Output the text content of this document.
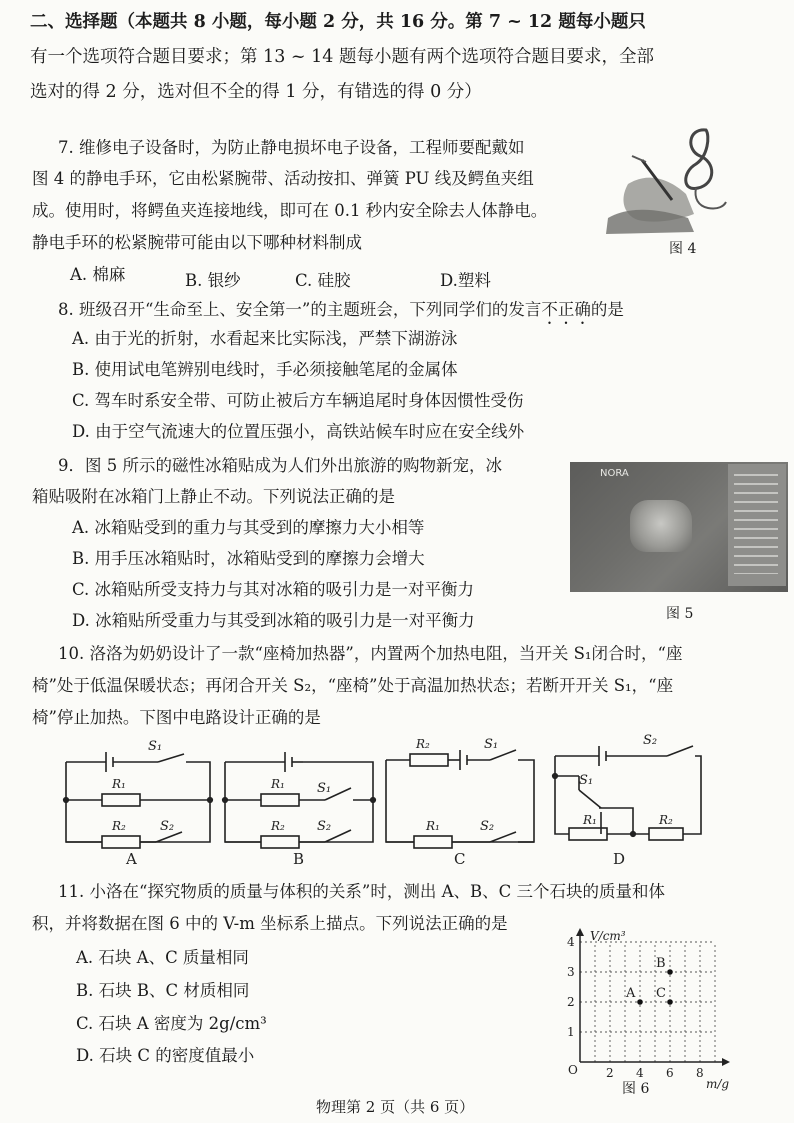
二、选择题（本题共 8 小题，每小题 2 分，共 16 分。第 7 ~ 12 题每小题只
有一个选项符合题目要求；第 13 ~ 14 题每小题有两个选项符合题目要求，全部
选对的得 2 分，选对但不全的得 1 分，有错选的得 0 分）
7. 维修电子设备时，为防止静电损坏电子设备，工程师要配戴如
图 4 的静电手环，它由松紧腕带、活动按扣、弹簧 PU 线及鳄鱼夹组
成。使用时，将鳄鱼夹连接地线，即可在 0.1 秒内安全除去人体静电。
静电手环的松紧腕带可能由以下哪种材料制成
A. 棉麻	B. 银纱	C. 硅胶	D.塑料
图 4
8. 班级召开“生命至上、安全第一”的主题班会，下列同学们的发言不正确的是
A. 由于光的折射，水看起来比实际浅，严禁下湖游泳
B. 使用试电笔辨别电线时，手必须接触笔尾的金属体
C. 驾车时系安全带、可防止被后方车辆追尾时身体因惯性受伤
D. 由于空气流速大的位置压强小，高铁站候车时应在安全线外
9．图 5 所示的磁性冰箱贴成为人们外出旅游的购物新宠，冰
箱贴吸附在冰箱门上静止不动。下列说法正确的是
A. 冰箱贴受到的重力与其受到的摩擦力大小相等
B. 用手压冰箱贴时，冰箱贴受到的摩擦力会增大
C. 冰箱贴所受支持力与其对冰箱的吸引力是一对平衡力
D. 冰箱贴所受重力与其受到冰箱的吸引力是一对平衡力
NORA
图 5
10. 洛洛为奶奶设计了一款“座椅加热器”，内置两个加热电阻，当开关 S₁闭合时，“座
椅”处于低温保暖状态；再闭合开关 S₂，“座椅”处于高温加热状态；若断开开关 S₁，“座
椅”停止加热。下图中电路设计正确的是
S₁
R₁
R₂	S₂
A
R₁ S₁
R₂ S₂
B
R₂	S₁
R₁	S₂
C
S₂
S₁
R₁	R₂
D
11. 小洛在“探究物质的质量与体积的关系”时，测出 A、B、C 三个石块的质量和体
积，并将数据在图 6 中的 V-m 坐标系上描点。下列说法正确的是
A. 石块 A、C 质量相同
B. 石块 B、C 材质相同
C. 石块 A 密度为 2g/cm³
D. 石块 C 的密度值最小
V/cm³
m/g
O 2 4 6 8
1
2
3
4
A
B
C
图 6
物理第 2 页（共 6 页）
